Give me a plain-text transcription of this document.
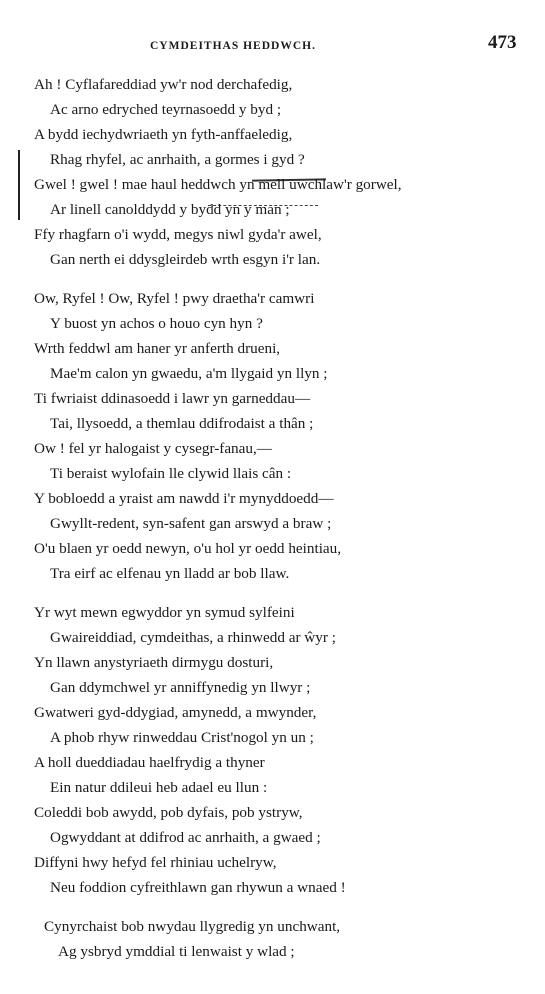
CYMDEITHAS HEDDWCH.	473
Ah ! Cyflafareddiad yw'r nod derchafedig,
Ac arno edryched teyrnasoedd y byd ;
A bydd iechydwriaeth yn fyth-anffaeledig,
Rhag rhyfel, ac anrhaith, a gormes i gyd ?
Gwel ! gwel ! mae haul heddwch yn mell uwchlaw'r gorwel,
Ar linell canolddydd y bydd yn y man ;
Ffy rhagfarn o'i wydd, megys niwl gyda'r awel,
Gan nerth ei ddysgleirdeb wrth esgyn i'r lan.
Ow, Ryfel ! Ow, Ryfel ! pwy draetha'r camwri
Y buost yn achos o houo cyn hyn ?
Wrth feddwl am haner yr anferth drueni,
Mae'm calon yn gwaedu, a'm llygaid yn llyn ;
Ti fwriaist ddinasoedd i lawr yn garneddau—
Tai, llysoedd, a themlau ddifrodaist a thân ;
Ow ! fel yr halogaist y cysegr-fanau,—
Ti beraist wylofain lle clywid llais cân :
Y bobloedd a yraist am nawdd i'r mynyddoedd—
Gwyllt-redent, syn-safent gan arswyd a braw ;
O'u blaen yr oedd newyn, o'u hol yr oedd heintiau,
Tra eirf ac elfenau yn lladd ar bob llaw.
Yr wyt mewn egwyddor yn symud sylfeini
Gwaireiddiad, cymdeithas, a rhinwedd ar ŵyr ;
Yn llawn anystyriaeth dirmygu dosturi,
Gan ddymchwel yr anniffynedig yn llwyr ;
Gwatweri gyd-ddygiad, amynedd, a mwynder,
A phob rhyw rinweddau Crist'nogol yn un ;
A holl dueddiadau haelfrydig a thyner
Ein natur ddileui heb adael eu llun :
Coleddi bob awydd, pob dyfais, pob ystryw,
Ogwyddant at ddifrod ac anrhaith, a gwaed ;
Diffyni hwy hefyd fel rhiniau uchelryw,
Neu foddion cyfreithlawn gan rhywun a wnaed !
Cynyrchaist bob nwydau llygredig yn unchwant,
Ag ysbryd ymddial ti lenwaist y wlad ;
